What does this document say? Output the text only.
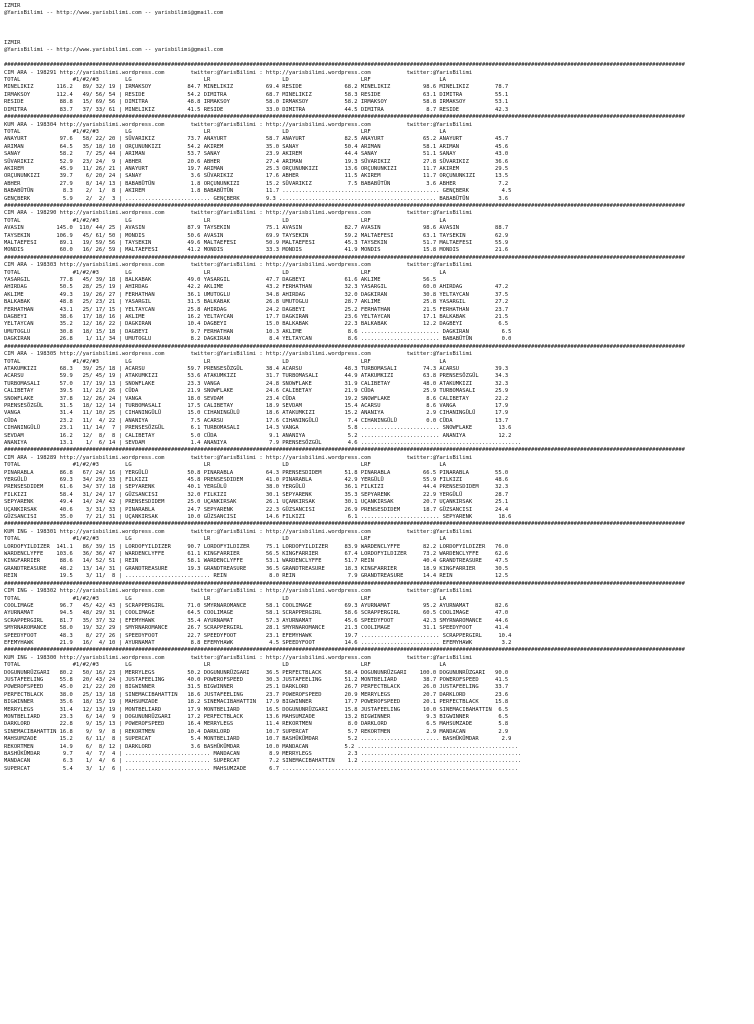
IZMIR
@YarisBilimi -- http://www.yarisbilimi.com -- yarisbilimi@gmail.com

IZMIR
@YarisBilimi -- http://www.yarisbilimi.com -- yarisbilimi@gmail.com

################################################################################################################################################################################################################
CIM ARA - 198291 http://yarisbilimi.wordpress.com        twitter:@YarisBilimi : http://yarisbilimi.wordpress.com           twitter:@YarisBilimi
TOTAL                #1/#2/#3        LG                      LR                      LD                      LRF                     LA
MINELIKIZ       116.2   89/ 32/ 19 | IRMAKSOY           84.7 MINELIKIZ          69.4 RESIDE             68.2 MINELIKIZ          98.6 MINELIKIZ        78.7
IRMAKSOY        112.4   49/ 56/ 54 | RESIDE             54.2 DIMITRA            68.7 MINELIKIZ          58.3 RESIDE             63.1 DIMITRA          55.1
RESIDE           88.8   15/ 69/ 56 | DIMITRA            48.8 IRMAKSOY           58.0 IRMAKSOY           58.2 IRMAKSOY           58.8 IRMAKSOY         53.1
DIMITRA          83.7   37/ 33/ 61 | MINELIKIZ          41.5 RESIDE             33.0 DIMITRA            44.5 DIMITRA             8.7 RESIDE           42.3
################################################################################################################################################################################################################
KUM ARA - 198304 http://yarisbilimi.wordpress.com        twitter:@YarisBilimi : http://yarisbilimi.wordpress.com           twitter:@YarisBilimi
TOTAL                #1/#2/#3        LG                      LR                      LD                      LRF                     LA
ANAYURT          97.6   58/ 22/ 20 | SÜVARIKIZ          73.7 ANAYURT            58.7 ANAYURT            82.5 ANAYURT            65.2 ANAYURT          45.7
ARIMAN           64.5   35/ 18/ 10 | ORÇUNUNKIZI        54.2 AKIREM             35.0 SANAY              50.4 ARIMAN             58.1 ARIMAN           45.6
SANAY            58.2    7/ 25/ 44 | ARIMAN             53.7 SANAY              23.9 AKIREM             44.4 SANAY              51.1 SANAY            43.0
SÜVARIKIZ        52.9   23/ 24/  9 | ABHER              20.6 ABHER              27.4 ARIMAN             19.3 SÜVARIKIZ          27.8 SÜVARIKIZ        36.6
AKIREM           45.9   11/ 26/ 21 | ANAYURT            19.7 ARIMAN             25.3 ORÇUNUNKIZI        13.6 ORÇUNUNKIZI        11.7 AKIREM           29.5
ORÇUNUNKIZI      39.7    6/ 20/ 24 | SANAY               3.6 SÜVARIKIZ          17.6 ABHER              11.5 AKIREM             11.7 ORÇUNUNKIZI      13.5
ABHER            27.9    8/ 14/ 13 | BABABÜTÜN           1.8 ORÇUNUNKIZI        15.2 SÜVARIKIZ           7.5 BABABÜTÜN           3.6 ABHER             7.2
BABABÜTÜN         8.3    2/  1/  8 | AKIREM              1.8 BABABÜTÜN          11.7 ................................................ GENÇBERK          4.5
GENÇBERK          5.9    2/  2/  3 | .......................... GENÇBERK        9.3 ................................................ BABABÜTÜN         3.6
################################################################################################################################################################################################################
CIM ARA - 198290 http://yarisbilimi.wordpress.com        twitter:@YarisBilimi : http://yarisbilimi.wordpress.com           twitter:@YarisBilimi
TOTAL                #1/#2/#3        LG                      LR                      LD                      LRF                     LA
AVASIN          145.0  110/ 44/ 25 | AVASIN             87.9 TAYSEKIN           75.1 AVASIN             82.7 AVASIN             98.6 AVASIN           88.7
TAYSEKIN        106.9   45/ 61/ 50 | MONDIS             50.6 AVASIN             69.9 TAYSEKIN           59.2 MALTAEFESI         63.1 TAYSEKIN         62.9
MALTAEFESI       89.1   19/ 59/ 56 | TAYSEKIN           49.6 MALTAEFESI         50.9 MALTAEFESI         45.3 TAYSEKIN           51.7 MALTAEFESI       55.9
MONDIS           60.0   16/ 26/ 59 | MALTAEFESI         41.2 MONDIS             33.3 MONDIS             41.9 MONDIS             15.8 MONDIS           21.6
################################################################################################################################################################################################################
CIM ARA - 198303 http://yarisbilimi.wordpress.com        twitter:@YarisBilimi : http://yarisbilimi.wordpress.com           twitter:@YarisBilimi
TOTAL                #1/#2/#3        LG                      LR                      LD                      LRF                     LA
YASARGIL         77.8   45/ 39/ 18 | BALKABAK           49.0 YASARGIL           47.7 DAGBEYI            61.6 AKLIME             56.5
AHIRDAG          50.5   28/ 25/ 19 | AHIRDAG            42.2 AKLIME             43.2 FERHATHAN          32.3 YASARGIL           60.0 AHIRDAG          47.2
AKLIME           49.3   19/ 26/ 27 | FERHATHAN          36.1 UMUTOGLU           34.8 AHIRDAG            32.0 DAGKIRAN           30.8 YELTAYCAN        37.5
BALKABAK         48.8   25/ 23/ 21 | YASARGIL           31.5 BALKABAK           26.8 UMUTOGLU           28.7 AKLIME             25.8 YASARGIL         27.2
FERHATHAN        43.1   25/ 17/ 15 | YELTAYCAN          25.8 AHIRDAG            24.2 DAGBEYI            25.2 FERHATHAN          21.5 FERHATHAN        23.7
DAGBEYI          38.6   17/ 18/ 16 | AKLIME             16.2 YELTAYCAN          17.7 DAGKIRAN           23.6 YELTAYCAN          17.1 BALKABAK         21.5
YELTAYCAN        35.2   12/ 16/ 22 | DAGKIRAN           10.4 DAGBEYI            15.0 BALKABAK           22.3 BALKABAK           12.2 DAGBEYI           6.5
UMUTOGLU         30.8   18/ 15/ 18 | DAGBEYI             9.7 FERHATHAN          10.3 AKLIME              8.6 ........................ DAGKIRAN          6.5
DAGKIRAN         26.8    1/ 11/ 34 | UMUTOGLU            8.2 DAGKIRAN            8.4 YELTAYCAN           8.6 ........................ BABABÜTÜN         0.0
################################################################################################################################################################################################################
CIM ARA - 198305 http://yarisbilimi.wordpress.com        twitter:@YarisBilimi : http://yarisbilimi.wordpress.com           twitter:@YarisBilimi
TOTAL                #1/#2/#3        LG                      LR                      LD                      LRF                     LA
ATAKUMKIZI       68.3   39/ 25/ 18 | ACARSU             59.7 PRENSESÖZGÜL       38.4 ACARSU             48.3 TURBOMASALI        74.3 ACARSU           39.3
ACARSU           59.9   25/ 45/ 19 | ATAKUMKIZI         53.6 ATAKUMKIZI         31.7 TURBOMASALI        44.9 ATAKUMKIZI         63.8 PRENSESÖZGÜL     34.3
TURBOMASALI      57.0   17/ 19/ 13 | SNOWFLAKE          23.3 VANGA              24.8 SNOWFLAKE          31.9 CALIBETAY          48.0 ATAKUMKIZI       32.3
CALIBETAY        39.5   11/ 21/ 26 | CÜDA               21.9 SNOWFLAKE          24.6 CALIBETAY          21.9 CÜDA               25.9 TURBOMASALI      25.9
SNOWFLAKE        37.8   12/ 26/ 24 | VANGA              18.0 SEVDAM             23.4 CÜDA               19.2 SNOWFLAKE           8.6 CALIBETAY        22.2
PRENSESÖZGÜL     31.5   18/ 12/ 14 | TURBOMASALI        17.5 CALIBETAY          18.9 SEVDAM             15.4 ACARSU              8.6 VANGA            17.9
VANGA            31.4   11/ 10/ 25 | CIHANINGÜLÜ        15.0 CIHANINGÜLÜ        18.6 ATAKUMKIZI         15.2 ANANIYA             2.9 CIHANINGÜLÜ      17.9
CÜDA             23.2   11/  4/ 22 | ANANIYA             7.5 ACARSU             17.6 CIHANINGÜLÜ         7.4 CIHANINGÜLÜ         0.0 CÜDA             13.7
CIHANINGÜLÜ      23.1   11/ 14/  7 | PRENSESÖZGÜL        6.1 TURBOMASALI        14.3 VANGA               5.8 ........................ SNOWFLAKE        13.6
SEVDAM           16.2   12/  8/  8 | CALIBETAY           5.0 CÜDA                9.1 ANANIYA             5.2 ........................ ANANIYA          12.2
ANANIYA          13.1    1/  6/ 14 | SEVDAM              1.4 ANANIYA             7.9 PRENSESÖZGÜL        4.6 .................................................
################################################################################################################################################################################################################
CIM ARA - 198289 http://yarisbilimi.wordpress.com        twitter:@YarisBilimi : http://yarisbilimi.wordpress.com           twitter:@YarisBilimi
TOTAL                #1/#2/#3        LG                      LR                      LD                      LRF                     LA
PINARABLA        86.8   67/ 24/ 16 | YERGÜLÜ            50.8 PINARABLA          64.3 PRENSESDIDEM       51.8 PINARABLA          66.5 PINARABLA        55.0
YERGÜLÜ          69.3   34/ 29/ 33 | FILKIZI            45.8 PRENSESDIDEM       41.0 PINARABLA          42.9 YERGÜLÜ            55.9 FILKIZI          48.6
PRENSESDIDEM     61.6   34/ 37/ 18 | SEPYARENK          40.1 YERGÜLÜ            38.0 YERGÜLÜ            36.1 FILKIZI            44.4 PRENSESDIDEM     32.3
FILKIZI          58.4   31/ 24/ 17 | GÜZSANCISI         32.0 FILKIZI            30.1 SEPYARENK          35.3 SEPYARENK          22.9 YERGÜLÜ          28.7
SEPYARENK        49.4   14/ 24/ 42 | PRENSESDIDEM       25.0 UÇANKIRSAK         26.1 UÇANKIRSAK         30.1 UÇANKIRSAK         20.7 UÇANKIRSAK       25.1
UÇANKIRSAK       40.6    3/ 31/ 33 | PINARABLA          24.7 SEPYARENK          22.3 GÜZSANCISI         26.9 PRENSESDIDEM       18.7 GÜZSANCISI       24.4
GÜZSANCISI       35.0    7/ 21/ 31 | UÇANKIRSAK         10.0 GÜZSANCISI         14.6 FILKIZI             6.1 ........................ SEPYARENK        18.6
################################################################################################################################################################################################################
KUM ING - 198301 http://yarisbilimi.wordpress.com        twitter:@YarisBilimi : http://yarisbilimi.wordpress.com           twitter:@YarisBilimi
TOTAL                #1/#2/#3        LG                      LR                      LD                      LRF                     LA
LORDOFYILDIZER  141.1   86/ 39/ 15 | LORDOFYILDIZER     90.7 LORDOFYILDIZER     75.1 LORDOFYILDIZER     83.9 WARDENCLYFFE       82.2 LORDOFYILDIZER   76.0
WARDENCLYFFE    103.6   36/ 36/ 47 | WARDENCLYFFE       61.1 KINGFARRIER        56.5 KINGFARRIER        67.4 LORDOFYILDIZER     73.2 WARDENCLYFFE     62.6
KINGFARRIER      88.6   14/ 52/ 51 | REIN               58.1 WARDENCLYFFE       53.1 WARDENCLYFFE       51.7 REIN               40.4 GRANDTREASURE    47.5
GRANDTREASURE    48.2   13/ 14/ 31 | GRANDTREASURE      19.3 GRANDTREASURE      36.5 GRANDTREASURE      18.3 KINGFARRIER        18.9 KINGFARRIER      30.5
REIN             19.5    3/ 11/  8 | .......................... REIN             8.0 REIN                7.9 GRANDTREASURE      14.4 REIN             12.5
################################################################################################################################################################################################################
CIM ING - 198302 http://yarisbilimi.wordpress.com        twitter:@YarisBilimi : http://yarisbilimi.wordpress.com           twitter:@YarisBilimi
TOTAL                #1/#2/#3        LG                      LR                      LD                      LRF                     LA
COOLIMAGE        96.7   45/ 42/ 43 | SCRAPPERGIRL       71.0 SMYRNAROMANCE      58.1 COOLIMAGE          69.3 AYURNAMAT          95.2 AYURNAMAT        82.6
AYURNAMAT        94.5   48/ 29/ 31 | COOLIMAGE          64.5 COOLIMAGE          58.1 SCRAPPERGIRL       58.6 SCRAPPERGIRL       60.5 COOLIMAGE        47.0
SCRAPPERGIRL     81.7   35/ 37/ 32 | EFEMYHAWK          35.4 AYURNAMAT          57.3 AYURNAMAT          45.6 SPEEDYFOOT         42.3 SMYRNAROMANCE    44.6
SMYRNAROMANCE    58.0   19/ 32/ 29 | SMYRNAROMANCE      26.7 SCRAPPERGIRL       28.1 SMYRNAROMANCE      21.3 COOLIMAGE          31.1 SPEEDYFOOT       41.4
SPEEDYFOOT       48.3    8/ 27/ 26 | SPEEDYFOOT         22.7 SPEEDYFOOT         23.1 EFEMYHAWK          19.7 ........................ SCRAPPERGIRL     10.4
EFEMYHAWK        21.9   16/  4/ 10 | AYURNAMAT           8.8 EFEMYHAWK           4.5 SPEEDYFOOT         14.6 ........................ EFEMYHAWK         3.2
################################################################################################################################################################################################################
KUM ING - 198300 http://yarisbilimi.wordpress.com        twitter:@YarisBilimi : http://yarisbilimi.wordpress.com           twitter:@YarisBilimi
TOTAL                #1/#2/#3        LG                      LR                      LD                      LRF                     LA
DOGUNUNRÜZGARI   80.2   50/ 16/ 23 | MERRYLEGS          50.2 DOGUNUNRÜZGARI     36.5 PERFECTBLACK       58.4 DOGUNUNRÜZGARI    100.0 DOGUNUNRÜZGARI   90.0
JUSTAFEELING     55.8   20/ 43/ 24 | JUSTAFEELING       40.0 POWEROFSPEED       30.3 JUSTAFEELING       51.2 MONTBELIARD        38.7 POWEROFSPEED     41.5
POWEROFSPEED     45.0   21/ 22/ 20 | BIGWINNER          31.5 BIGWINNER          25.1 DARKLORD           26.7 PERFECTBLACK       26.0 JUSTAFEELING     33.7
PERFECTBLACK     38.0   25/ 13/ 18 | SINEMACIBAHATTIN   18.6 JUSTAFEELING       23.7 POWEROFSPEED       20.9 MERRYLEGS          20.7 DARKLORD         23.6
BIGWINNER        35.6   18/ 15/ 19 | MAHSUMZADE         18.2 SINEMACIBAHATTIN   17.9 BIGWINNER          17.7 POWEROFSPEED       20.1 PERFECTBLACK     15.8
MERRYLEGS        31.4   12/ 13/ 19 | MONTBELIARD        17.9 MONTBELIARD        16.5 DOGUNUNRÜZGARI     15.8 JUSTAFEELING       10.0 SINEMACIBAHATTIN  6.5
MONTBELIARD      23.3    6/ 14/  9 | DOGUNUNRÜZGARI     17.2 PERFECTBLACK       13.6 MAHSUMZADE         13.2 BIGWINNER           9.3 BIGWINNER         6.5
DARKLORD         22.8    9/ 15/ 13 | POWEROFSPEED       16.4 MERRYLEGS          11.4 REKORTMEN           8.0 DARKLORD            6.5 MAHSUMZADE        5.8
SINEMACIBAHATTIN 16.8    9/  9/  8 | REKORTMEN          10.4 DARKLORD           10.7 SUPERCAT            5.7 REKORTMEN           2.9 MANDACAN          2.9
MAHSUMZADE       15.2    6/ 11/  8 | SUPERCAT            5.4 MONTBELIARD        10.7 BASHÜKÜMDAR         5.2 ........................ BASHÜKÜMDAR       2.9
REKORTMEN        14.9    6/  8/ 12 | DARKLORD            3.6 BASHÜKÜMDAR        10.0 MANDACAN           5.2 .................................................
BASHÜKÜMDAR       9.7    4/  7/  4 | .......................... MANDACAN         8.9 MERRYLEGS           2.3 .................................................
MANDACAN          6.3    1/  4/  6 | .......................... SUPERCAT         7.2 SINEMACIBAHATTIN    1.2 .................................................
SUPERCAT          5.4    3/  1/  6 | .......................... MAHSUMZADE       6.7 ........................................................................
